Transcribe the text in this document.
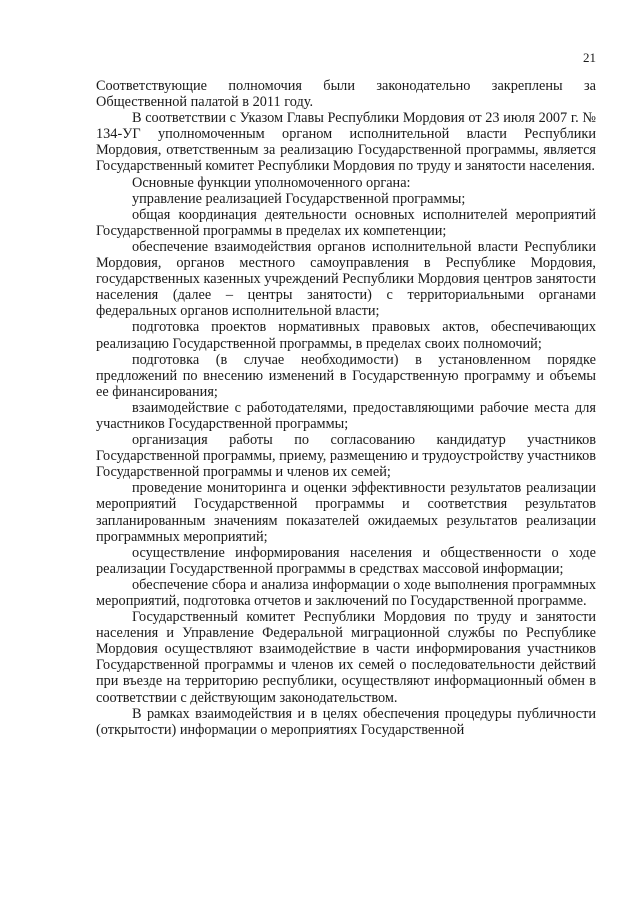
21

Соответствующие полномочия были законодательно закреплены за Общественной палатой в 2011 году.

В соответствии с Указом Главы Республики Мордовия от 23 июля 2007 г. № 134-УГ уполномоченным органом исполнительной власти Республики Мордовия, ответственным за реализацию Государственной программы, является Государственный комитет Республики Мордовия по труду и занятости населения.

Основные функции уполномоченного органа:

управление реализацией Государственной программы;

общая координация деятельности основных исполнителей мероприятий Государственной программы в пределах их компетенции;

обеспечение взаимодействия органов исполнительной власти Республики Мордовия, органов местного самоуправления в Республике Мордовия, государственных казенных учреждений Республики Мордовия центров занятости населения (далее – центры занятости) с территориальными органами федеральных органов исполнительной власти;

подготовка проектов нормативных правовых актов, обеспечивающих реализацию Государственной программы, в пределах своих полномочий;

подготовка (в случае необходимости) в установленном порядке предложений по внесению изменений в Государственную программу и объемы ее финансирования;

взаимодействие с работодателями, предоставляющими рабочие места для участников Государственной программы;

организация работы по согласованию кандидатур участников Государственной программы, приему, размещению и трудоустройству участников Государственной программы и членов их семей;

проведение мониторинга и оценки эффективности результатов реализации мероприятий Государственной программы и соответствия результатов запланированным значениям показателей ожидаемых результатов реализации программных мероприятий;

осуществление информирования населения и общественности о ходе реализации Государственной программы в средствах массовой информации;

обеспечение сбора и анализа информации о ходе выполнения программных мероприятий, подготовка отчетов и заключений по Государственной программе.

Государственный комитет Республики Мордовия по труду и занятости населения и Управление Федеральной миграционной службы по Республике Мордовия осуществляют взаимодействие в части информирования участников Государственной программы и членов их семей о последовательности действий при въезде на территорию республики, осуществляют информационный обмен в соответствии с действующим законодательством.

В рамках взаимодействия и в целях обеспечения процедуры публичности (открытости) информации о мероприятиях Государственной
